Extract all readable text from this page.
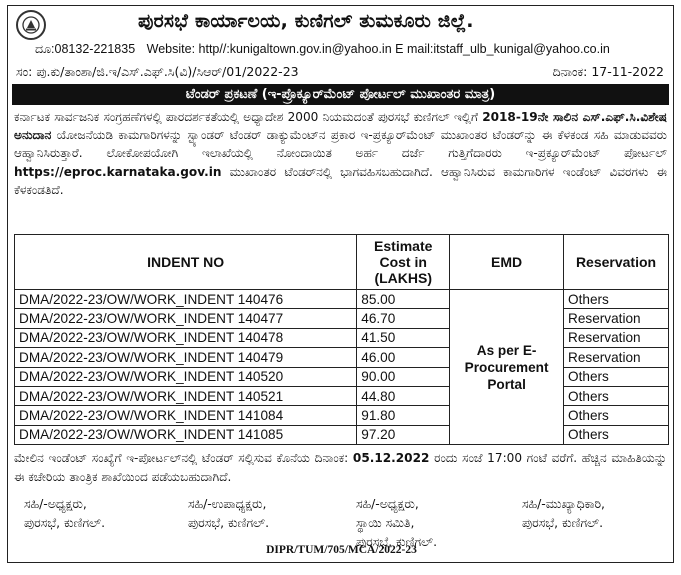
ಪುರಸಭೆ ಕಾರ್ಯಾಲಯ, ಕುಣಿಗಲ್ ತುಮಕೂರು ಜಿಲ್ಲೆ.
ದೂ:08132-221835 Website: http//:kunigaltown.gov.in@yahoo.in E mail:itstaff_ulb_kunigal@yahoo.co.in
ಸಂ: ಪು.ಕು/ತಾಂಶಾ/ಜಿ.ಇ/ಎಸ್.ಎಫ್.ಸಿ(ವಿ)/ಸಿಆರ್/01/2022-23	ದಿನಾಂಕ: 17-11-2022
ಟೆಂಡರ್ ಪ್ರಕಟಣೆ (ಇ-ಪ್ರೊಕ್ಯೂರ್‌ಮೆಂಟ್ ಪೋರ್ಟಲ್ ಮುಖಾಂತರ ಮಾತ್ರ)
ಕರ್ನಾಟಕ ಸಾರ್ವಜನಿಕ ಸಂಗ್ರಹಣೆಗಳಲ್ಲಿ ಪಾರದರ್ಶಕತೆಯಲ್ಲಿ ಅಧ್ಯಾದೇಶ 2000 ನಿಯಮದಂತೆ ಪುರಸಭೆ ಕುಣಿಗಲ್ ಇಲ್ಲಿಗೆ 2018-19ನೇ ಸಾಲಿನ ಎಸ್.ಎಫ್.ಸಿ.ವಿಶೇಷ ಅನುದಾನ ಯೋಜನೆಯಡಿ ಕಾಮಗಾರಿಗಳನ್ನು ಸ್ಟ್ಯಾಂಡರ್ ಟೆಂಡರ್ ಡಾಕ್ಯುಮೆಂಟ್‌ನ ಪ್ರಕಾರ ಇ-ಪ್ರಕ್ಯೂರ್‌ಮೆಂಟ್ ಮುಖಾಂತರ ಟೆಂಡರ್‌ನ್ನು ಈ ಕೆಳಕಂಡ ಸಹಿ ಮಾಡುವವರು ಆಹ್ವಾನಿಸಿರುತ್ತಾರೆ. ಲೋಕೋಪಯೋಗಿ ಇಲಾಖೆಯಲ್ಲಿ ನೋಂದಾಯಿತ ಅರ್ಹ ದರ್ಜೆ ಗುತ್ತಿಗೆದಾರರು ಇ-ಪ್ರಕ್ಯೂರ್‌ಮೆಂಟ್ ಪೋರ್ಟಲ್ https://eproc.karnataka.gov.in ಮುಖಾಂತರ ಟೆಂಡರ್‌ನಲ್ಲಿ ಭಾಗವಹಿಸಬಹುದಾಗಿದೆ. ಆಹ್ವಾನಿಸಿರುವ ಕಾಮಗಾರಿಗಳ ಇಂಡೆಂಟ್ ವಿವರಗಳು ಈ ಕೆಳಕಂಡತಿದೆ.
INDENT NO	Estimate
Cost in
(LAKHS)	EMD	Reservation
DMA/2022-23/OW/WORK_INDENT 140476	85.00	As per E-
Procurement
Portal	Others
DMA/2022-23/OW/WORK_INDENT 140477	46.70		Reservation
DMA/2022-23/OW/WORK_INDENT 140478	41.50		Reservation
DMA/2022-23/OW/WORK_INDENT 140479	46.00		Reservation
DMA/2022-23/OW/WORK_INDENT 140520	90.00		Others
DMA/2022-23/OW/WORK_INDENT 140521	44.80		Others
DMA/2022-23/OW/WORK_INDENT 141084	91.80		Others
DMA/2022-23/OW/WORK_INDENT 141085	97.20		Others
ಮೇಲಿನ ಇಂಡೆಂಟ್ ಸಂಖ್ಯೆಗೆ ಇ-ಪೋರ್ಟಲ್‌ನಲ್ಲಿ ಟೆಂಡರ್ ಸಲ್ಲಿಸುವ ಕೊನೆಯ ದಿನಾಂಕ: 05.12.2022 ರಂದು ಸಂಜೆ 17:00 ಗಂಟೆ ವರೆಗೆ. ಹೆಚ್ಚಿನ ಮಾಹಿತಿಯನ್ನು ಈ ಕಚೇರಿಯ ತಾಂತ್ರಿಕ ಶಾಖೆಯಿಂದ ಪಡೆಯಬಹುದಾಗಿದೆ.
ಸಹಿ/-ಅಧ್ಯಕ್ಷರು,
ಪುರಸಭೆ, ಕುಣಿಗಲ್.
ಸಹಿ/-ಉಪಾಧ್ಯಕ್ಷರು,
ಪುರಸಭೆ, ಕುಣಿಗಲ್.
ಸಹಿ/-ಅಧ್ಯಕ್ಷರು,
ಸ್ಥಾಯಿ ಸಮಿತಿ,
ಪುರಸಭೆ, ಕುಣಿಗಲ್.
ಸಹಿ/-ಮುಖ್ಯಾಧಿಕಾರಿ,
ಪುರಸಭೆ, ಕುಣಿಗಲ್.
DIPR/TUM/705/MCA/2022-23
